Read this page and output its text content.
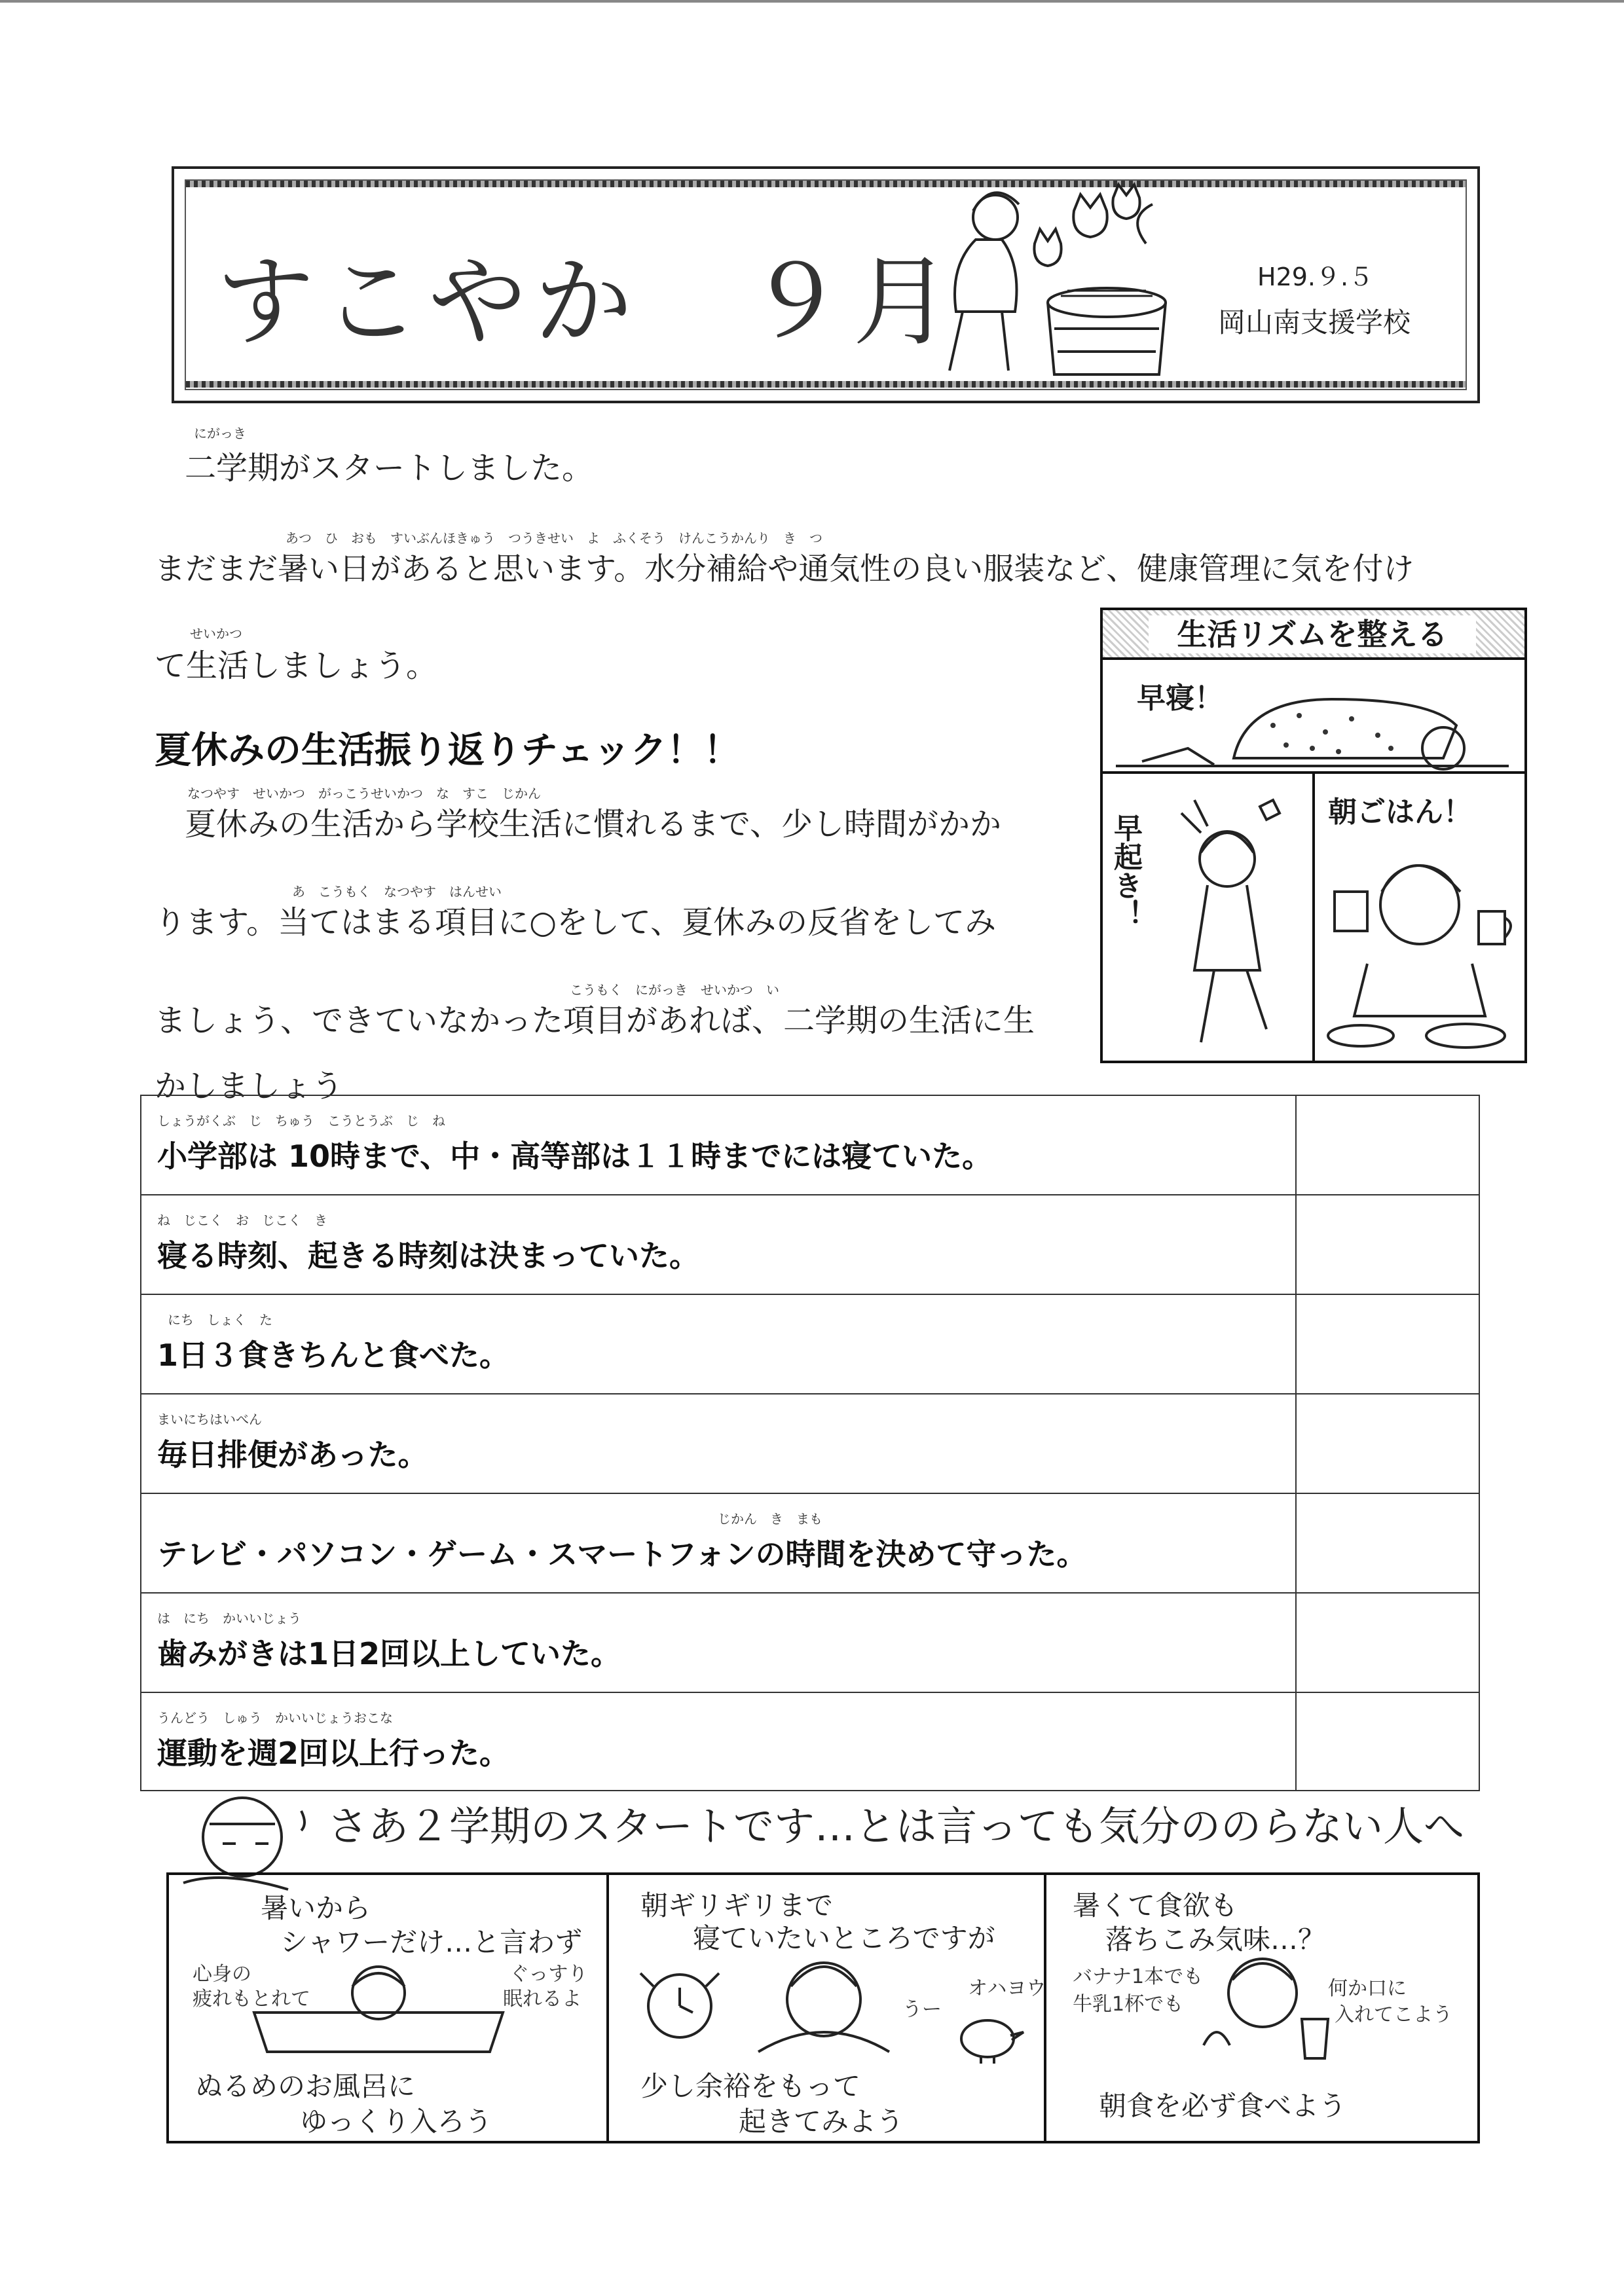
すこやか　９月	H29.９.５
岡山南支援学校
にがっき
二学期がスタートしました。
あつ　ひ　おも　すいぶんほきゅう　つうきせい　よ　ふくそう　けんこうかんり　き　つ
まだまだ暑い日があると思います。水分補給や通気性の良い服装など、健康管理に気を付け
せいかつ
て生活しましょう。
夏休みの生活振り返りチェック！！
なつやす　せいかつ　がっこうせいかつ　な　すこ　じかん
夏休みの生活から学校生活に慣れるまで、少し時間がかか
あ　こうもく　なつやす　はんせい
ります。当てはまる項目に○をして、夏休みの反省をしてみ
こうもく　にがっき　せいかつ　い
ましょう、できていなかった項目があれば、二学期の生活に生
かしましょう
生活リズムを整える
早寝！
早起き！
朝ごはん！
しょうがくぶ　じ　ちゅう　こうとうぶ　じ　ね
小学部は 10時まで、中・高等部は１１時までには寝ていた。
ね　じこく　お　じこく　き
寝る時刻、起きる時刻は決まっていた。
にち　しょく　た
1日３食きちんと食べた。
まいにちはいべん
毎日排便があった。
じかん　き　まも
テレビ・パソコン・ゲーム・スマートフォンの時間を決めて守った。
は　にち　かいいじょう
歯みがきは1日2回以上していた。
うんどう　しゅう　かいいじょうおこな
運動を週2回以上行った。
さあ２学期のスタートです…とは言っても気分ののらない人へ
暑いから
シャワーだけ…と言わず
心身の
疲れもとれて
ぐっすり
眠れるよ
ぬるめのお風呂に
ゆっくり入ろう
朝ギリギリまで
寝ていたいところですが
うー
オハヨウ
少し余裕をもって
起きてみよう
暑くて食欲も
落ちこみ気味…？
バナナ1本でも
牛乳1杯でも
何か口に
入れてこよう
朝食を必ず食べよう
